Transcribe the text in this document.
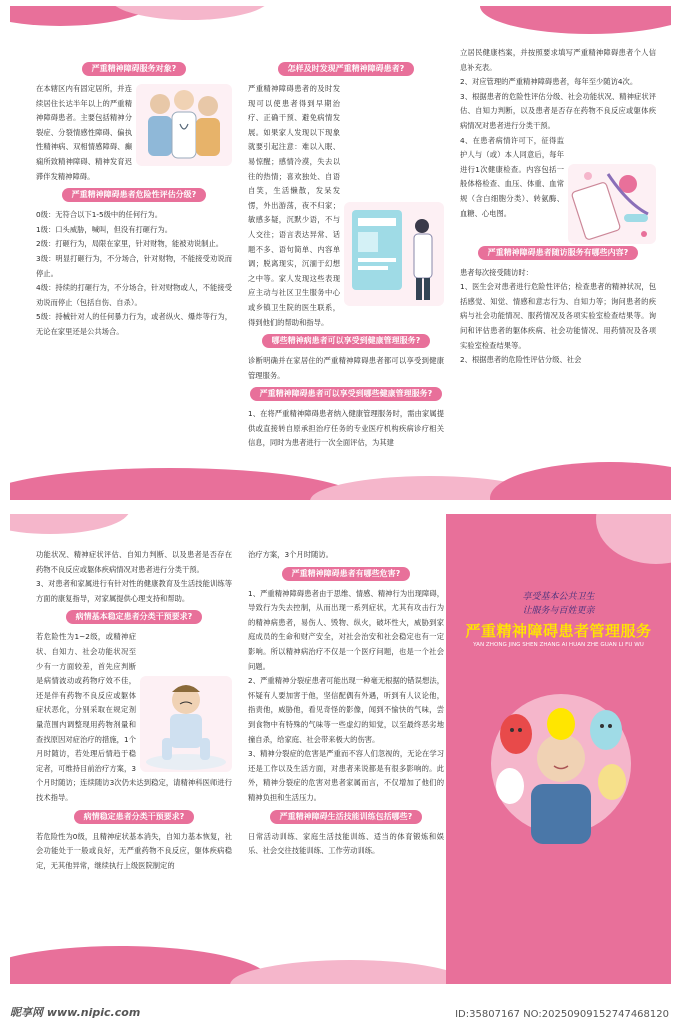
严重精神障碍服务对象?

在本辖区内有固定居所，并连续居住长达半年以上的严重精神障碍患者。主要包括精神分裂症、分裂情感性障碍、偏执性精神病、双相情感障碍、癫痫所致精神障碍、精神发育迟滞伴发精神障碍。

严重精神障碍患者危险性评估分级?

0级：无符合以下1-5级中的任何行为。

1级：口头威胁，喊叫，但没有打砸行为。

2级：打砸行为，局限在家里，针对财物，能被劝说制止。

3级：明显打砸行为，不分场合，针对财物，不能接受劝说而停止。

4级：持续的打砸行为，不分场合，针对财物或人，不能接受劝说而停止（包括自伤、自杀）。

5级：持械针对人的任何暴力行为，或者纵火、爆炸等行为，无论在家里还是公共场合。

怎样及时发现严重精神障碍患者?

严重精神障碍患者的及时发现可以使患者得到早期治疗、正确干预、避免病情发展。如果家人发现以下现象就要引起注意：难以入眠、易惊醒；感情冷漠，失去以往的热情；喜欢独处、自语自笑，生活懒散，发呆发愣，外出游荡，夜不归家；敏感多疑，沉默少语，不与人交往；语言表达异常、话题不多、语句简单、内容单调；脱离现实，沉湎于幻想之中等。家人发现这些表现应主动与社区卫生服务中心或乡镇卫生院的医生联系，得到他们的帮助和指导。

哪些精神病患者可以享受到健康管理服务?

诊断明确并在家居住的严重精神障碍患者都可以享受到健康管理服务。

严重精神障碍患者可以享受到哪些健康管理服务?

1、在将严重精神障碍患者纳入健康管理服务时，需由家属提供或直接转自原承担治疗任务的专业医疗机构疾病诊疗相关信息，同时为患者进行一次全面评估，为其建

立居民健康档案，并按照要求填写严重精神障碍患者个人信息补充表。

2、对应管理的严重精神障碍患者，每年至少随访4次。

3、根据患者的危险性评估分级、社会功能状况、精神症状评估、自知力判断，以及患者是否存在药物不良反应或躯体疾病情况对患者进行分类干预。

4、在患者病情许可下，征得监护人与（或）本人同意后，每年进行1次健康检查。内容包括一般体格检查、血压、体重、血常规（含白细胞分类）、转氨酶、血糖、心电图。

严重精神障碍患者随访服务有哪些内容?

患者每次接受随访时：

1、医生会对患者进行危险性评估；检查患者的精神状况，包括感觉、知觉、情感和意志行为、自知力等；询问患者的疾病与社会功能情况、服药情况及各项实验室检查结果等。询问和评估患者的躯体疾病、社会功能情况、用药情况及各项实验室检查结果等。

2、根据患者的危险性评估分级、社会

功能状况、精神症状评估、自知力判断、以及患者是否存在药物不良反应或躯体疾病情况对患者进行分类干预。

3、对患者和家属进行有针对性的健康教育及生活技能训练等方面的康复指导，对家属提供心理支持和帮助。

病情基本稳定患者分类干预要求?

若危险性为1~2级，或精神症状、自知力、社会功能状况至少有一方面较差，首先应判断是病情波动或药物疗效不佳，还是伴有药物不良反应或躯体症状恶化，分别采取在规定剂量范围内调整现用药物剂量和查找原因对症治疗的措施，1个月时随访，若处理后情趋于稳定者，可维持目前治疗方案，3个月时随访；连续随访3次仍未达到稳定，请精神科医师进行技术指导。

病情稳定患者分类干预要求?

若危险性为0级，且精神症状基本消失，自知力基本恢复，社会功能处于一般或良好，无严重药物不良反应，躯体疾病稳定，无其他异常，继续执行上级医院制定的

治疗方案，3个月时随访。

严重精神障碍患者有哪些危害?

1、严重精神障碍患者由于思维、情感、精神行为出现障碍，导致行为失去控制，从而出现一系列症状，尤其有攻击行为的精神病患者，易伤人、毁物、纵火，破坏性大，威胁到家庭成员的生命和财产安全，对社会治安和社会稳定也有一定影响。所以精神病治疗不仅是一个医疗问题，也是一个社会问题。

2、严重精神分裂症患者可能出现一种毫无根据的错误想法，怀疑有人要加害于他，坚信配偶有外遇，听到有人议论他，指责他，威胁他，看见奇怪的影像，闻到不愉快的气味，尝到食物中有特殊的气味等一些虚幻的知觉，以至最终恶劣地撞自杀，给家庭、社会带来极大的伤害。

3、精神分裂症的危害是严重而不容人们忽视的，无论在学习还是工作以及生活方面，对患者来说都是有很多影响的。此外，精神分裂症的危害对患者家属而言，不仅增加了他们的精神负担和生活压力。

严重精神障碍生活技能训练包括哪些?

日常活动训练、家庭生活技能训练、适当的体育锻炼和娱乐、社会交往技能训练、工作劳动训练。

享受基本公共卫生
让服务与百姓更亲
严重精神障碍患者管理服务
YAN ZHONG JING SHEN ZHANG AI HUAN ZHE GUAN LI FU WU
昵享网 www.nipic.com	ID:35807167 NO:20250909152747468120
